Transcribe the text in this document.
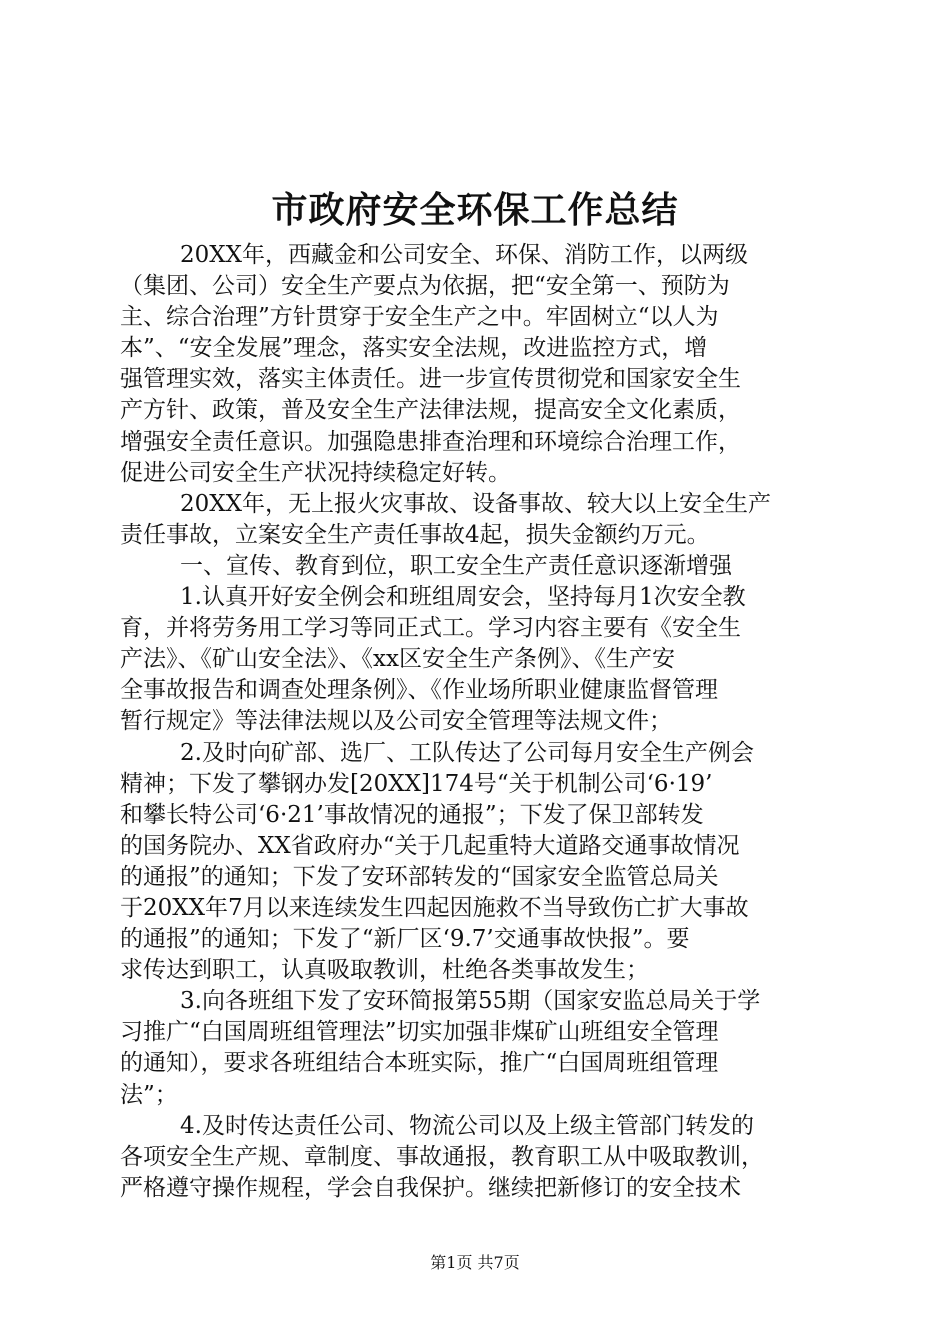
市政府安全环保工作总结
20XX年，西藏金和公司安全、环保、消防工作，以两级
（集团、公司）安全生产要点为依据，把“安全第一、预防为
主、综合治理”方针贯穿于安全生产之中。牢固树立“以人为
本”、“安全发展”理念，落实安全法规，改进监控方式，增
强管理实效，落实主体责任。进一步宣传贯彻党和国家安全生
产方针、政策，普及安全生产法律法规，提高安全文化素质，
增强安全责任意识。加强隐患排查治理和环境综合治理工作，
促进公司安全生产状况持续稳定好转。
20XX年，无上报火灾事故、设备事故、较大以上安全生产
责任事故，立案安全生产责任事故4起，损失金额约万元。
一、宣传、教育到位，职工安全生产责任意识逐渐增强
1.认真开好安全例会和班组周安会，坚持每月1次安全教
育，并将劳务用工学习等同正式工。学习内容主要有《安全生
产法》、《矿山安全法》、《xx区安全生产条例》、《生产安
全事故报告和调查处理条例》、《作业场所职业健康监督管理
暂行规定》等法律法规以及公司安全管理等法规文件；
2.及时向矿部、选厂、工队传达了公司每月安全生产例会
精神；下发了攀钢办发[20XX]174号“关于机制公司‘6·19’
和攀长特公司‘6·21’事故情况的通报”；下发了保卫部转发
的国务院办、XX省政府办“关于几起重特大道路交通事故情况
的通报”的通知；下发了安环部转发的“国家安全监管总局关
于20XX年7月以来连续发生四起因施救不当导致伤亡扩大事故
的通报”的通知；下发了“新厂区‘9.7’交通事故快报”。要
求传达到职工，认真吸取教训，杜绝各类事故发生；
3.向各班组下发了安环简报第55期（国家安监总局关于学
习推广“白国周班组管理法”切实加强非煤矿山班组安全管理
的通知），要求各班组结合本班实际，推广“白国周班组管理
法”；
4.及时传达责任公司、物流公司以及上级主管部门转发的
各项安全生产规、章制度、事故通报，教育职工从中吸取教训，
严格遵守操作规程，学会自我保护。继续把新修订的安全技术
第1页 共7页
